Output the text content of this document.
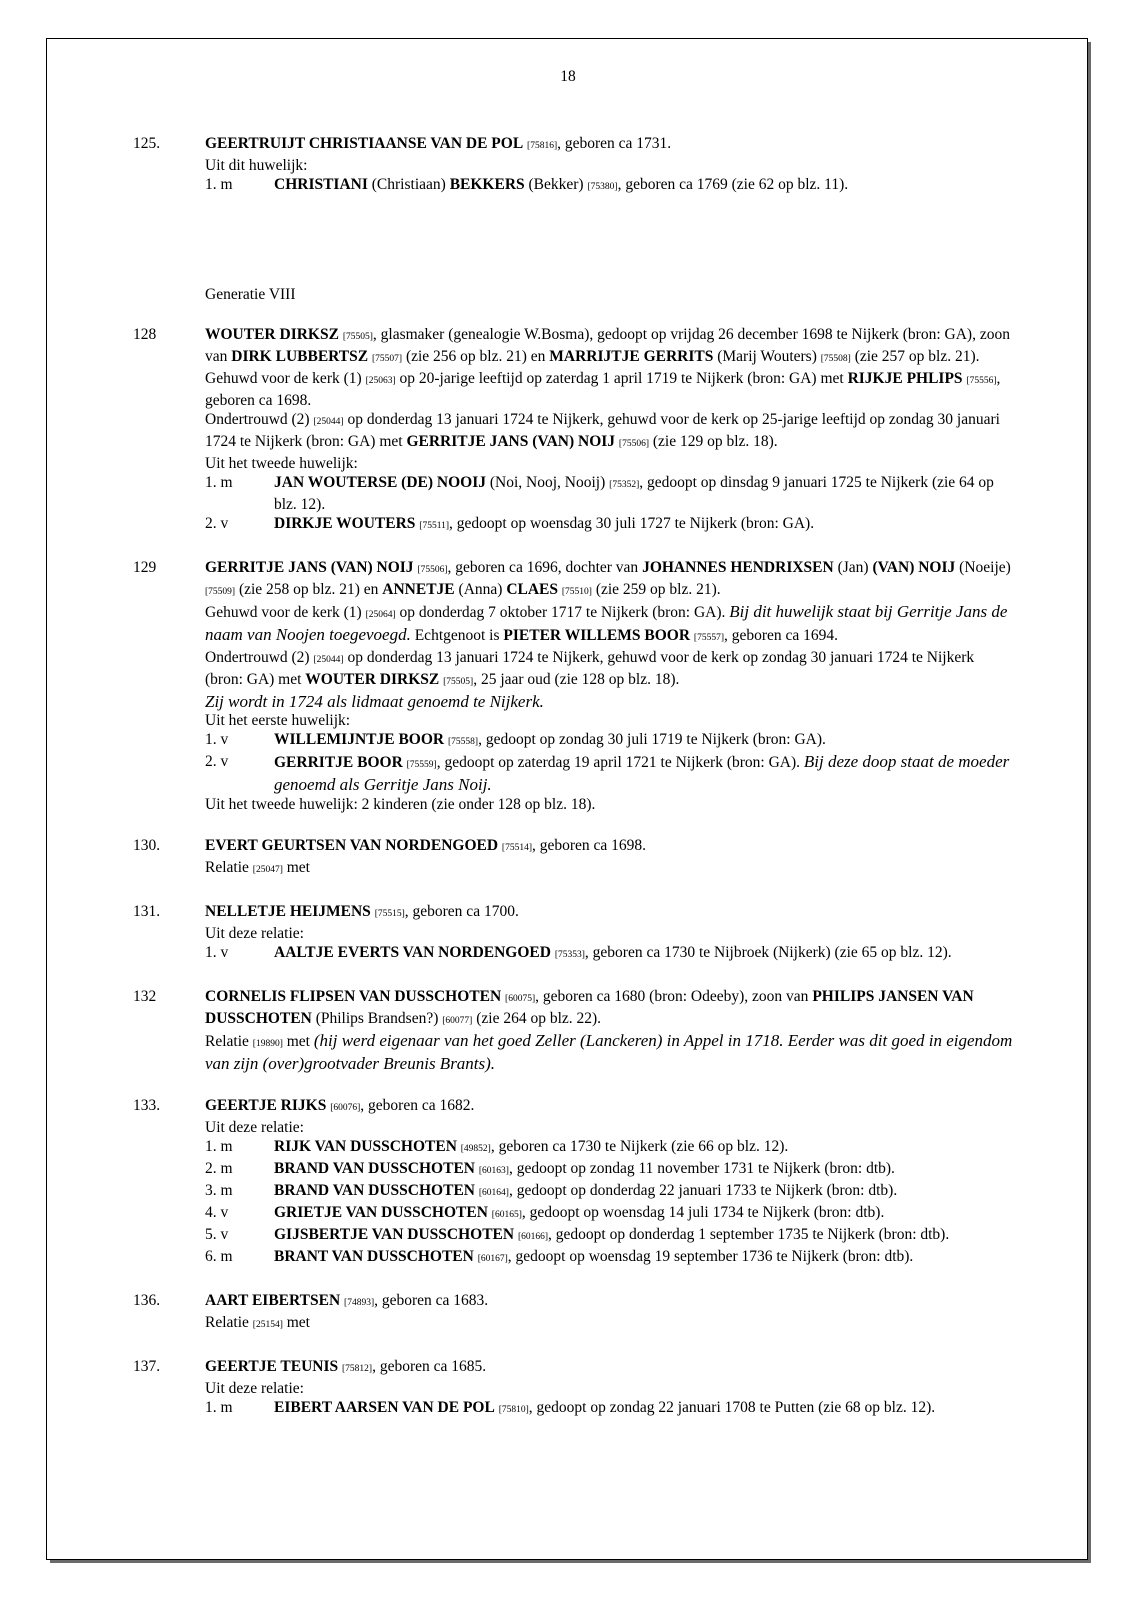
18
125.	GEERTRUIJT CHRISTIAANSE VAN DE POL [75816], geboren ca 1731.
Uit dit huwelijk:
1. m	CHRISTIANI (Christiaan) BEKKERS (Bekker) [75380], geboren ca 1769 (zie 62 op blz. 11).
Generatie VIII
128	WOUTER DIRKSZ [75505], glasmaker (genealogie W.Bosma), gedoopt op vrijdag 26 december 1698 te Nijkerk (bron: GA), zoon van DIRK LUBBERTSZ [75507] (zie 256 op blz. 21) en MARRIJTJE GERRITS (Marij Wouters) [75508] (zie 257 op blz. 21).
Gehuwd voor de kerk (1) [25063] op 20-jarige leeftijd op zaterdag 1 april 1719 te Nijkerk (bron: GA) met RIJKJE PHLIPS [75556], geboren ca 1698.
Ondertrouwd (2) [25044] op donderdag 13 januari 1724 te Nijkerk, gehuwd voor de kerk op 25-jarige leeftijd op zondag 30 januari 1724 te Nijkerk (bron: GA) met GERRITJE JANS (VAN) NOIJ [75506] (zie 129 op blz. 18).
Uit het tweede huwelijk:
1. m	JAN WOUTERSE (DE) NOOIJ (Noi, Nooj, Nooij) [75352], gedoopt op dinsdag 9 januari 1725 te Nijkerk (zie 64 op blz. 12).
2. v	DIRKJE WOUTERS [75511], gedoopt op woensdag 30 juli 1727 te Nijkerk (bron: GA).
129	GERRITJE JANS (VAN) NOIJ [75506], geboren ca 1696, dochter van JOHANNES HENDRIXSEN (Jan) (VAN) NOIJ (Noeije) [75509] (zie 258 op blz. 21) en ANNETJE (Anna) CLAES [75510] (zie 259 op blz. 21).
Gehuwd voor de kerk (1) [25064] op donderdag 7 oktober 1717 te Nijkerk (bron: GA). Bij dit huwelijk staat bij Gerritje Jans de naam van Noojen toegevoegd. Echtgenoot is PIETER WILLEMS BOOR [75557], geboren ca 1694.
Ondertrouwd (2) [25044] op donderdag 13 januari 1724 te Nijkerk, gehuwd voor de kerk op zondag 30 januari 1724 te Nijkerk (bron: GA) met WOUTER DIRKSZ [75505], 25 jaar oud (zie 128 op blz. 18).
Zij wordt in 1724 als lidmaat genoemd te Nijkerk.
Uit het eerste huwelijk:
1. v	WILLEMIJNTJE BOOR [75558], gedoopt op zondag 30 juli 1719 te Nijkerk (bron: GA).
2. v	GERRITJE BOOR [75559], gedoopt op zaterdag 19 april 1721 te Nijkerk (bron: GA). Bij deze doop staat de moeder genoemd als Gerritje Jans Noij.
Uit het tweede huwelijk: 2 kinderen (zie onder 128 op blz. 18).
130.	EVERT GEURTSEN VAN NORDENGOED [75514], geboren ca 1698.
Relatie [25047] met
131.	NELLETJE HEIJMENS [75515], geboren ca 1700.
Uit deze relatie:
1. v	AALTJE EVERTS VAN NORDENGOED [75353], geboren ca 1730 te Nijbroek (Nijkerk) (zie 65 op blz. 12).
132	CORNELIS FLIPSEN VAN DUSSCHOTEN [60075], geboren ca 1680 (bron: Odeeby), zoon van PHILIPS JANSEN VAN DUSSCHOTEN (Philips Brandsen?) [60077] (zie 264 op blz. 22).
Relatie [19890] met (hij werd eigenaar van het goed Zeller (Lanckeren) in Appel in 1718. Eerder was dit goed in eigendom van zijn (over)grootvader Breunis Brants).
133.	GEERTJE RIJKS [60076], geboren ca 1682.
Uit deze relatie:
1. m	RIJK VAN DUSSCHOTEN [49852], geboren ca 1730 te Nijkerk (zie 66 op blz. 12).
2. m	BRAND VAN DUSSCHOTEN [60163], gedoopt op zondag 11 november 1731 te Nijkerk (bron: dtb).
3. m	BRAND VAN DUSSCHOTEN [60164], gedoopt op donderdag 22 januari 1733 te Nijkerk (bron: dtb).
4. v	GRIETJE VAN DUSSCHOTEN [60165], gedoopt op woensdag 14 juli 1734 te Nijkerk (bron: dtb).
5. v	GIJSBERTJE VAN DUSSCHOTEN [60166], gedoopt op donderdag 1 september 1735 te Nijkerk (bron: dtb).
6. m	BRANT VAN DUSSCHOTEN [60167], gedoopt op woensdag 19 september 1736 te Nijkerk (bron: dtb).
136.	AART EIBERTSEN [74893], geboren ca 1683.
Relatie [25154] met
137.	GEERTJE TEUNIS [75812], geboren ca 1685.
Uit deze relatie:
1. m	EIBERT AARSEN VAN DE POL [75810], gedoopt op zondag 22 januari 1708 te Putten (zie 68 op blz. 12).
